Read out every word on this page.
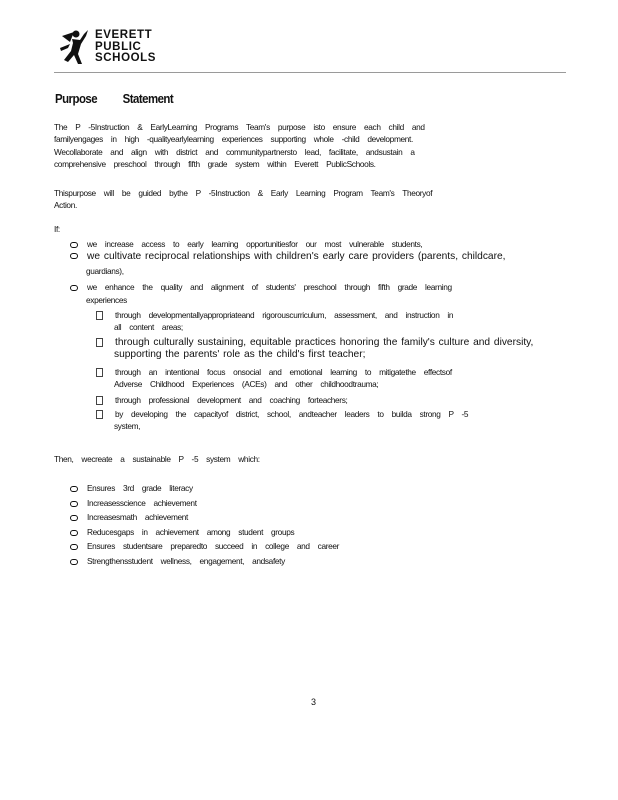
EVERETT
PUBLIC
SCHOOLS
Purpose Statement
The P -5Instruction & EarlyLearning Programs Team's purpose isto ensure each child and
familyengages in high -qualityearlylearning experiences supporting whole -child development.
Wecollaborate and align with district and communitypartnersto lead, facilitate, andsustain a
comprehensive preschool through fifth grade system within Everett PublicSchools.
Thispurpose will be guided bythe P -5Instruction & Early Learning Program Team's Theoryof
Action.
If:
we increase access to early learning opportunitiesfor our most vulnerable students,
we cultivate reciprocal relationships with children's early care providers (parents, childcare,
guardians),
we enhance the quality and alignment of students' preschool through fifth grade learning
experiences
through developmentallyappropriateand rigorouscurriculum, assessment, and instruction in
all content areas;
through culturally sustaining, equitable practices honoring the family's culture and diversity,
supporting the parents' role as the child's first teacher;
through an intentional focus onsocial and emotional learning to mitigatethe effectsof
Adverse Childhood Experiences (ACEs) and other childhoodtrauma;
through professional development and coaching forteachers;
by developing the capacityof district, school, andteacher leaders to builda strong P -5
system,
Then, wecreate a sustainable P -5 system which:
Ensures 3rd grade literacy
Increasesscience achievement
Increasesmath achievement
Reducesgaps in achievement among student groups
Ensures studentsare preparedto succeed in college and career
Strengthensstudent wellness, engagement, andsafety
3
